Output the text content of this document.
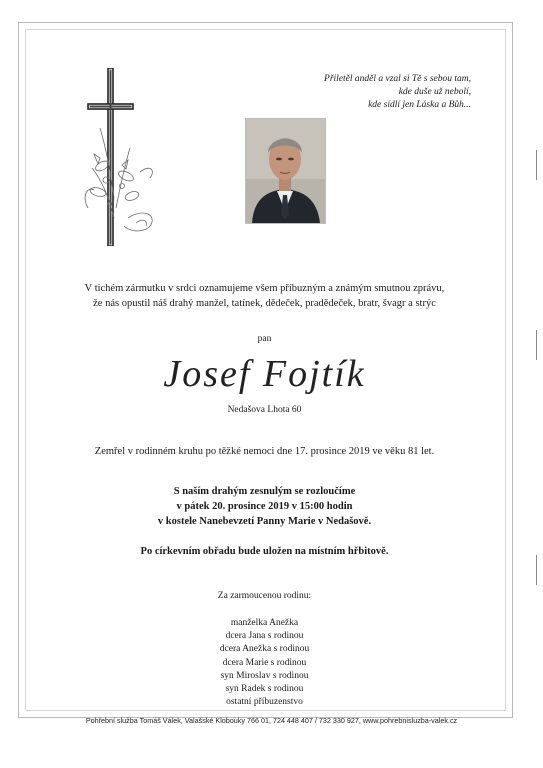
Přiletěl anděl a vzal si Tě s sebou tam,
kde duše už nebolí,
kde sídlí jen Láska a Bůh...
V tichém zármutku v srdci oznamujeme všem příbuzným a známým smutnou zprávu,
že nás opustil náš drahý manžel, tatínek, dědeček, pradědeček, bratr, švagr a strýc
pan
Josef Fojtík
Nedašova Lhota 60
Zemřel v rodinném kruhu po těžké nemoci dne 17. prosince 2019 ve věku 81 let.
S naším drahým zesnulým se rozloučíme
v pátek 20. prosince 2019 v 15:00 hodin
v kostele Nanebevzetí Panny Marie v Nedašově.
Po církevním obřadu bude uložen na místním hřbitově.
Za zarmoucenou rodinu:
manželka Anežka
dcera Jana s rodinou
dcera Anežka s rodinou
dcera Marie s rodinou
syn Miroslav s rodinou
syn Radek s rodinou
ostatní příbuzenstvo
Pohřební služba Tomáš Válek, Valašské Klobouky 766 01, 724 448 407 / 732 330 927, www.pohrebnisluzba-valek.cz
